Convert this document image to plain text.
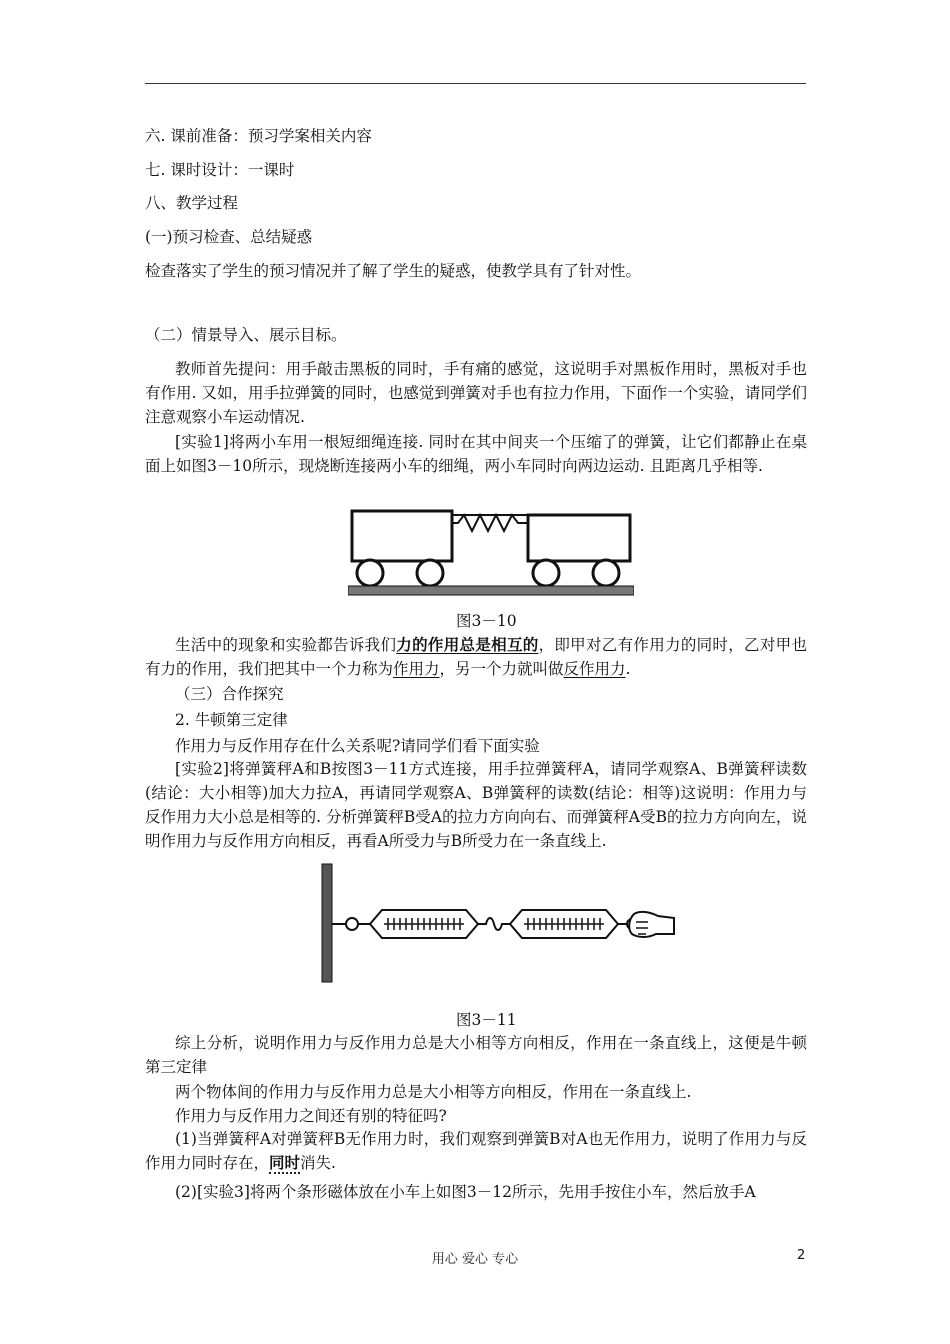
六. 课前准备：预习学案相关内容
七. 课时设计：一课时
八、教学过程
(一)预习检查、总结疑惑
检查落实了学生的预习情况并了解了学生的疑惑，使教学具有了针对性。
（二）情景导入、展示目标。
教师首先提问：用手敲击黑板的同时，手有痛的感觉，这说明手对黑板作用时，黑板对手也有作用. 又如，用手拉弹簧的同时，也感觉到弹簧对手也有拉力作用，下面作一个实验，请同学们注意观察小车运动情况.
[实验1]将两小车用一根短细绳连接. 同时在其中间夹一个压缩了的弹簧，让它们都静止在桌面上如图3－10所示，现烧断连接两小车的细绳，两小车同时向两边运动. 且距离几乎相等.
图3－10
生活中的现象和实验都告诉我们力的作用总是相互的，即甲对乙有作用力的同时，乙对甲也有力的作用，我们把其中一个力称为作用力，另一个力就叫做反作用力.
（三）合作探究
2. 牛顿第三定律
作用力与反作用存在什么关系呢?请同学们看下面实验
[实验2]将弹簧秤A和B按图3－11方式连接，用手拉弹簧秤A，请同学观察A、B弹簧秤读数(结论：大小相等)加大力拉A，再请同学观察A、B弹簧秤的读数(结论：相等)这说明：作用力与反作用力大小总是相等的. 分析弹簧秤B受A的拉力方向向右、而弹簧秤A受B的拉力方向向左，说明作用力与反作用方向相反，再看A所受力与B所受力在一条直线上.
图3－11
综上分析，说明作用力与反作用力总是大小相等方向相反，作用在一条直线上，这便是牛顿第三定律
两个物体间的作用力与反作用力总是大小相等方向相反，作用在一条直线上.
作用力与反作用力之间还有别的特征吗?
(1)当弹簧秤A对弹簧秤B无作用力时，我们观察到弹簧B对A也无作用力，说明了作用力与反作用力同时存在，同时消失.
(2)[实验3]将两个条形磁体放在小车上如图3－12所示，先用手按住小车，然后放手A
用心 爱心 专心	2
